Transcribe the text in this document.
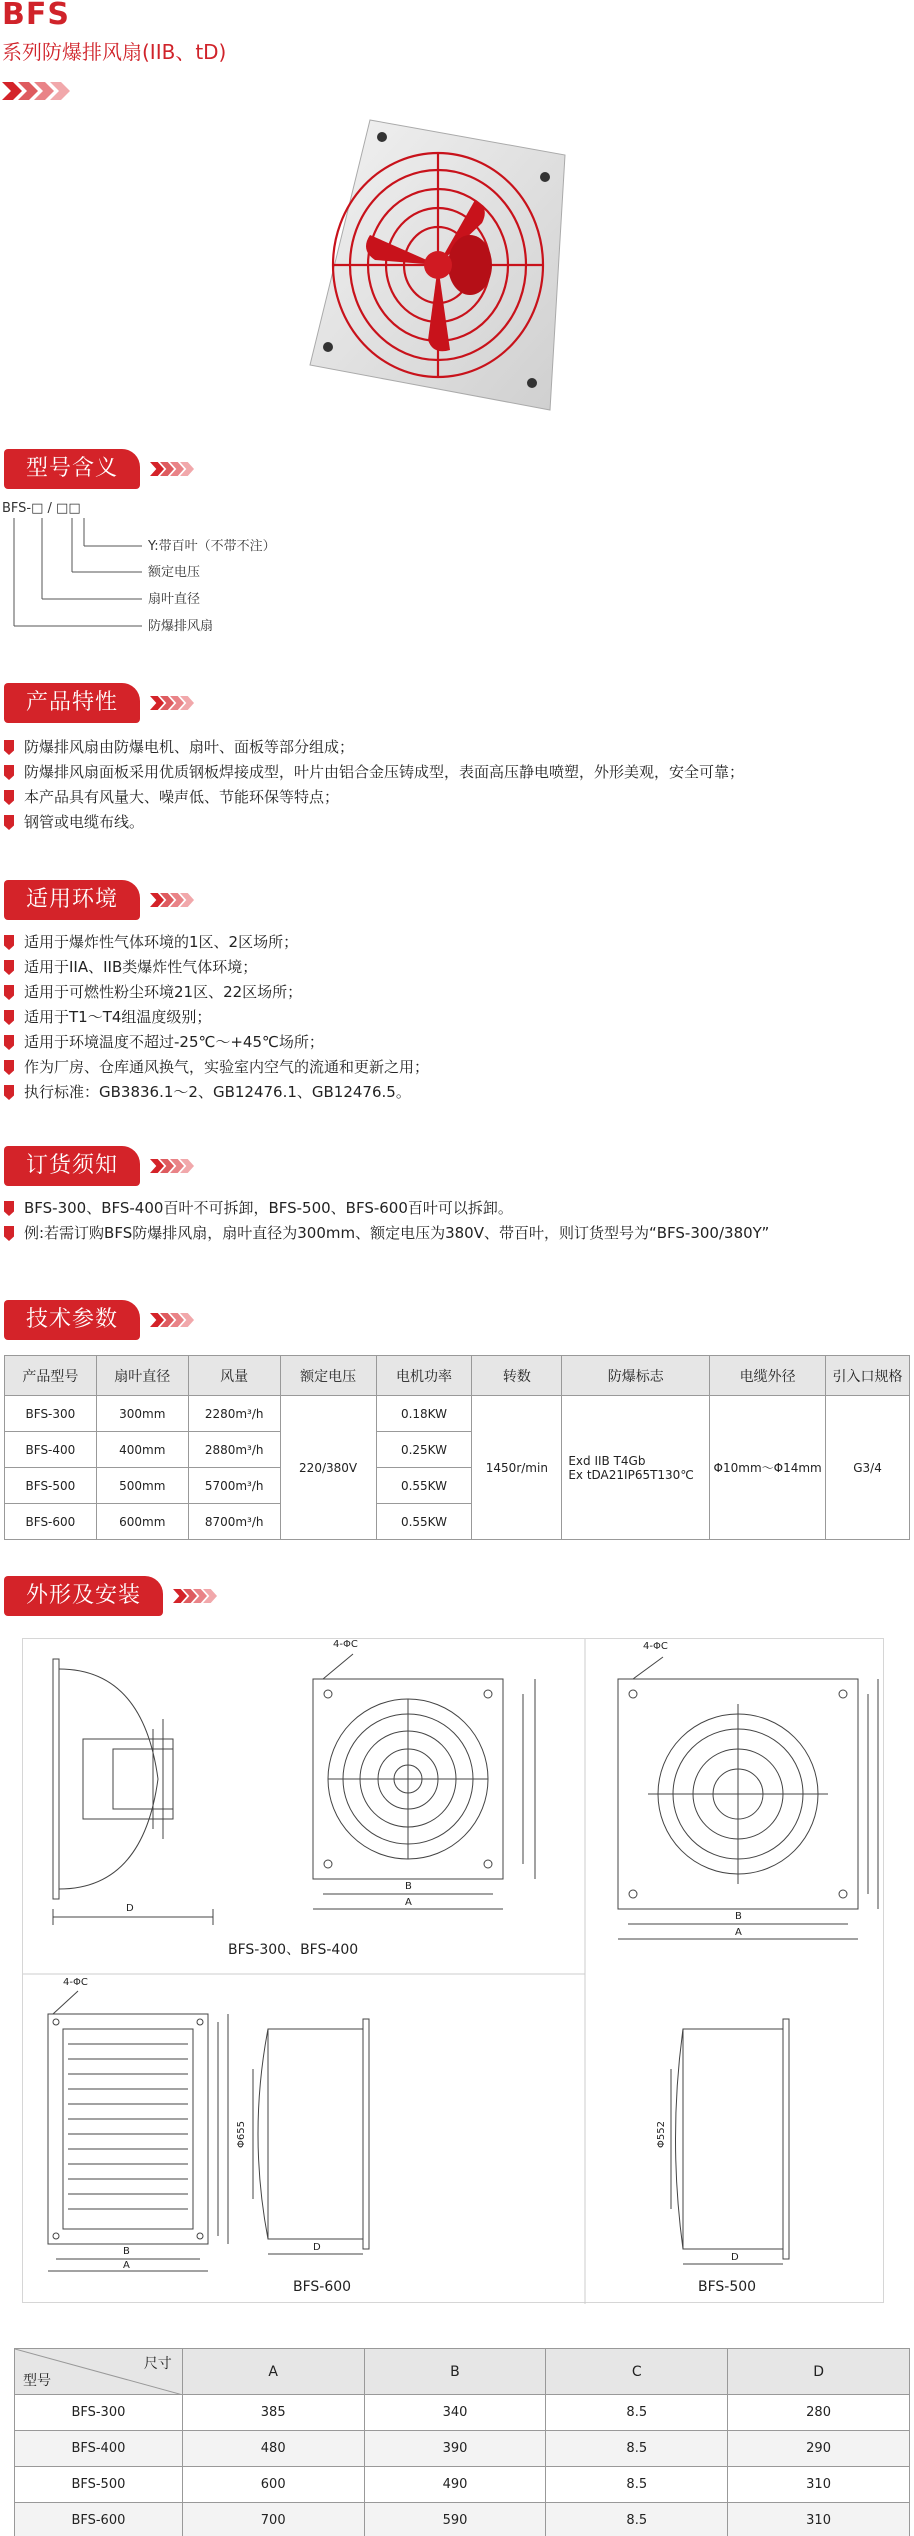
BFS
系列防爆排风扇(IIB、tD)
型号含义
BFS-□ / □□
Y:带百叶（不带不注）
额定电压
扇叶直径
防爆排风扇
产品特性
防爆排风扇由防爆电机、扇叶、面板等部分组成；
防爆排风扇面板采用优质钢板焊接成型，叶片由铝合金压铸成型，表面高压静电喷塑，外形美观，安全可靠；
本产品具有风量大、噪声低、节能环保等特点；
钢管或电缆布线。
适用环境
适用于爆炸性气体环境的1区、2区场所；
适用于IIA、IIB类爆炸性气体环境；
适用于可燃性粉尘环境21区、22区场所；
适用于T1～T4组温度级别；
适用于环境温度不超过-25℃～+45℃场所；
作为厂房、仓库通风换气，实验室内空气的流通和更新之用；
执行标准：GB3836.1～2、GB12476.1、GB12476.5。
订货须知
BFS-300、BFS-400百叶不可拆卸，BFS-500、BFS-600百叶可以拆卸。
例:若需订购BFS防爆排风扇，扇叶直径为300mm、额定电压为380V、带百叶，则订货型号为“BFS-300/380Y”
技术参数
产品型号	扇叶直径	风量	额定电压	电机功率	转数	防爆标志	电缆外径	引入口规格
BFS-300	300mm	2280m³/h	220/380V	0.18KW	1450r/min	Exd IIB T4Gb
Ex tDA21IP65T130℃	Φ10mm～Φ14mm	G3/4
BFS-400	400mm	2880m³/h		0.25KW				
BFS-500	500mm	5700m³/h		0.55KW				
BFS-600	600mm	8700m³/h		0.55KW				
外形及安装
BFS-300、BFS-400
BFS-600	BFS-500
4-ΦC	4-ΦC
4-ΦC
B
A
D
B
A
B
A
D
D
Φ655	Φ552
尺寸
型号	A	B	C	D
BFS-300	385	340	8.5	280
BFS-400	480	390	8.5	290
BFS-500	600	490	8.5	310
BFS-600	700	590	8.5	310
